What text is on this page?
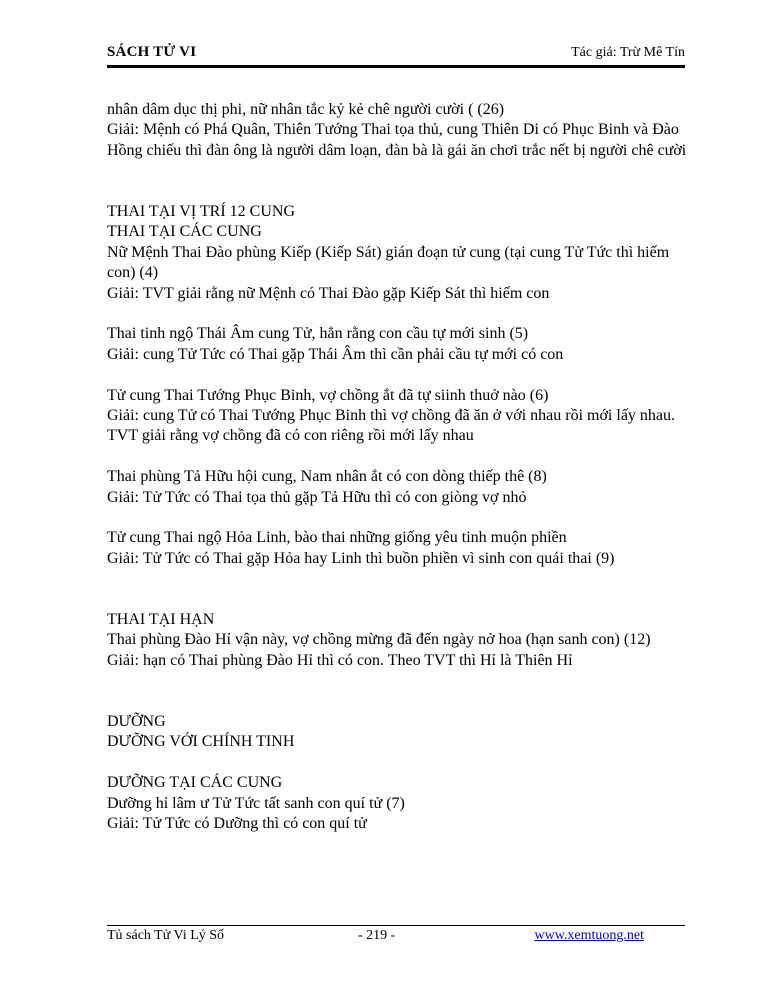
SÁCH TỬ VI	Tác giả: Trừ Mê Tín

nhân dâm dục thị phi, nữ nhân tắc kỷ kẻ chê người cười ( (26)

Giải: Mệnh có Phá Quân, Thiên Tướng Thai tọa thủ, cung Thiên Di có Phục Binh và Đào Hồng chiếu thì đàn ông là người dâm loạn, đàn bà là gái ăn chơi trắc nết bị người chê cười

THAI TẠI VỊ TRÍ 12 CUNG

THAI TẠI CÁC CUNG

Nữ Mệnh Thai Đào phùng Kiếp (Kiếp Sát) gián đoạn tử cung (tại cung Tử Tức thì hiếm con) (4)

Giải: TVT giải rằng nữ Mệnh có Thai Đào gặp Kiếp Sát thì hiếm con

Thai tinh ngộ Thái Âm cung Tử, hẳn rằng con cầu tự mới sinh (5)

Giải: cung Tử Tức có Thai gặp Thái Âm thì cần phải cầu tự mới có con

Tử cung Thai Tướng Phục Binh, vợ chồng ắt đã tự siinh thuở nào (6)

Giải: cung Tử có Thai Tướng Phục Binh thì vợ chồng đã ăn ở với nhau rồi mới lấy nhau. TVT giải rằng vợ chồng đã có con riêng rồi mới lấy nhau

Thai phùng Tả Hữu hội cung, Nam nhân ắt có con dòng thiếp thê (8)

Giải: Tử Tức có Thai tọa thủ gặp Tả Hữu thì có con giòng vợ nhỏ

Tử cung Thai ngộ Hỏa Linh, bào thai những giống yêu tinh muộn phiền

Giải: Tử Tức có Thai gặp Hỏa hay Linh thì buồn phiền vì sinh con quái thai (9)

THAI TẠI HẠN

Thai phùng Đào Hỉ vận này, vợ chồng mừng đã đến ngày nở hoa (hạn sanh con) (12)

Giải: hạn có Thai phùng Đào Hỉ thì có con. Theo TVT thì Hỉ là Thiên Hỉ

DƯỠNG

DƯỠNG VỚI CHÍNH TINH

DƯỠNG TẠI CÁC CUNG

Dưỡng hỉ lâm ư Tử Tức tất sanh con quí tử (7)

Giải: Tử Tức có Dưỡng thì có con quí tử

Tủ sách Tử Vi Lý Số	- 219 -	www.xemtuong.net
